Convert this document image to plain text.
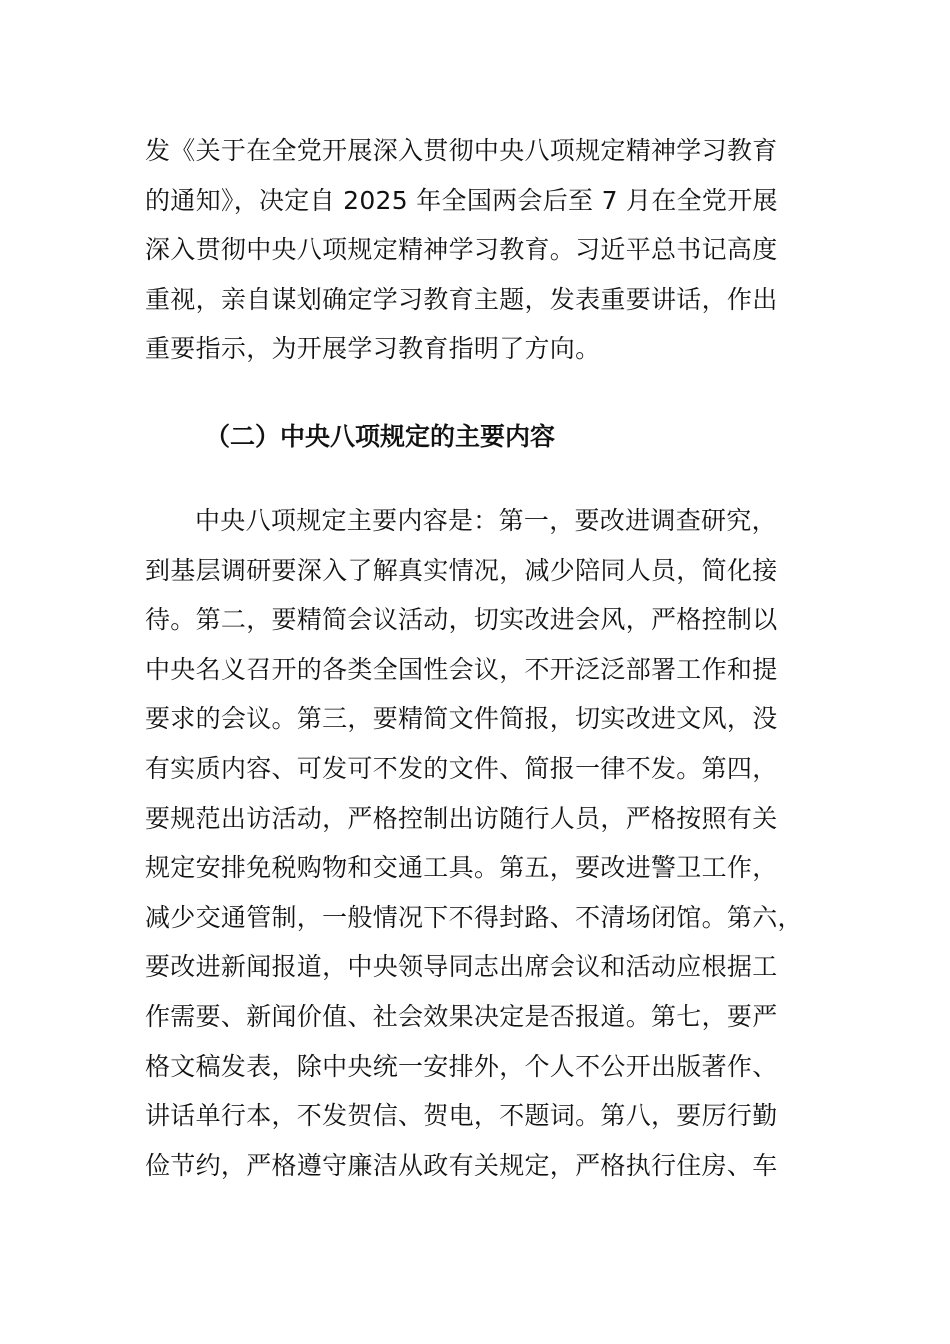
发《关于在全党开展深入贯彻中央八项规定精神学习教育
的通知》，决定自 2025 年全国两会后至 7 月在全党开展
深入贯彻中央八项规定精神学习教育。习近平总书记高度
重视，亲自谋划确定学习教育主题，发表重要讲话，作出
重要指示，为开展学习教育指明了方向。
（二）中央八项规定的主要内容
中央八项规定主要内容是：第一，要改进调查研究，
到基层调研要深入了解真实情况，减少陪同人员，简化接
待。第二，要精简会议活动，切实改进会风，严格控制以
中央名义召开的各类全国性会议，不开泛泛部署工作和提
要求的会议。第三，要精简文件简报，切实改进文风，没
有实质内容、可发可不发的文件、简报一律不发。第四，
要规范出访活动，严格控制出访随行人员，严格按照有关
规定安排免税购物和交通工具。第五，要改进警卫工作，
减少交通管制，一般情况下不得封路、不清场闭馆。第六，
要改进新闻报道，中央领导同志出席会议和活动应根据工
作需要、新闻价值、社会效果决定是否报道。第七，要严
格文稿发表，除中央统一安排外，个人不公开出版著作、
讲话单行本，不发贺信、贺电，不题词。第八，要厉行勤
俭节约，严格遵守廉洁从政有关规定，严格执行住房、车
